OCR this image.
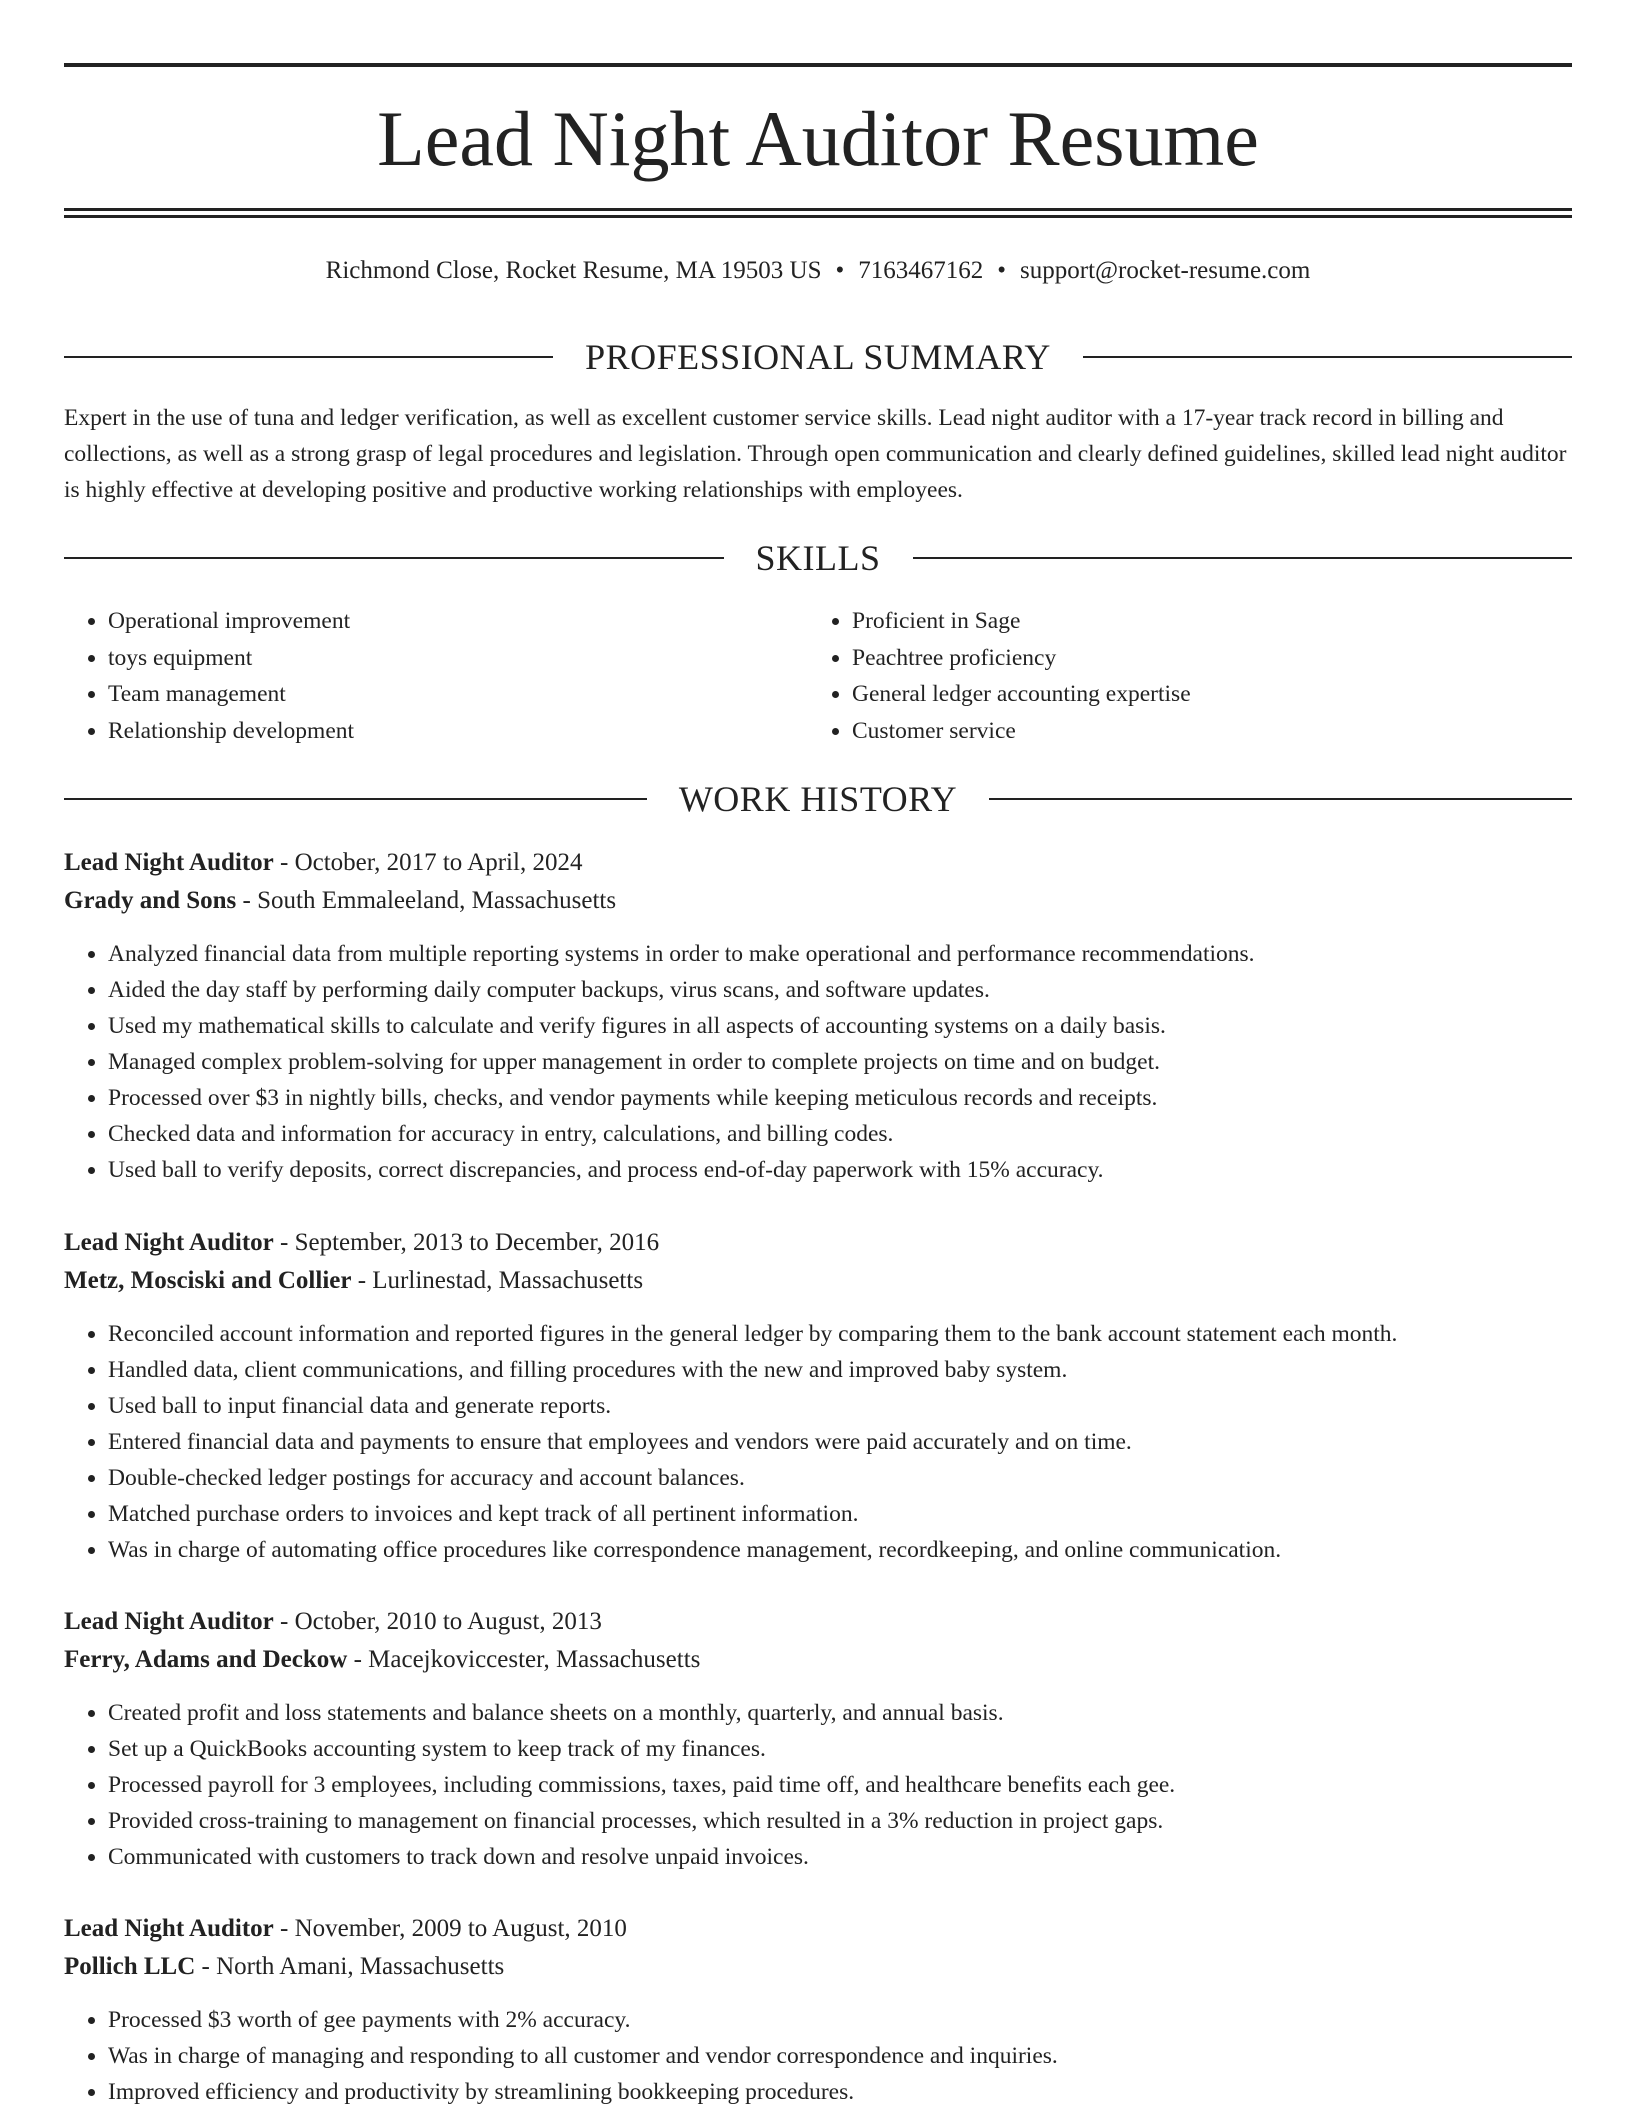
Lead Night Auditor Resume
Richmond Close, Rocket Resume, MA 19503 US • 7163467162 • support@rocket-resume.com
PROFESSIONAL SUMMARY

Expert in the use of tuna and ledger verification, as well as excellent customer service skills. Lead night auditor with a 17-year track record in billing and collections, as well as a strong grasp of legal procedures and legislation. Through open communication and clearly defined guidelines, skilled lead night auditor is highly effective at developing positive and productive working relationships with employees.

SKILLS
• Operational improvement
• toys equipment
• Team management
• Relationship development
• Proficient in Sage
• Peachtree proficiency
• General ledger accounting expertise
• Customer service
WORK HISTORY
Lead Night Auditor - October, 2017 to April, 2024
Grady and Sons - South Emmaleeland, Massachusetts
• Analyzed financial data from multiple reporting systems in order to make operational and performance recommendations.
• Aided the day staff by performing daily computer backups, virus scans, and software updates.
• Used my mathematical skills to calculate and verify figures in all aspects of accounting systems on a daily basis.
• Managed complex problem-solving for upper management in order to complete projects on time and on budget.
• Processed over $3 in nightly bills, checks, and vendor payments while keeping meticulous records and receipts.
• Checked data and information for accuracy in entry, calculations, and billing codes.
• Used ball to verify deposits, correct discrepancies, and process end-of-day paperwork with 15% accuracy.
Lead Night Auditor - September, 2013 to December, 2016
Metz, Mosciski and Collier - Lurlinestad, Massachusetts
• Reconciled account information and reported figures in the general ledger by comparing them to the bank account statement each month.
• Handled data, client communications, and filling procedures with the new and improved baby system.
• Used ball to input financial data and generate reports.
• Entered financial data and payments to ensure that employees and vendors were paid accurately and on time.
• Double-checked ledger postings for accuracy and account balances.
• Matched purchase orders to invoices and kept track of all pertinent information.
• Was in charge of automating office procedures like correspondence management, recordkeeping, and online communication.
Lead Night Auditor - October, 2010 to August, 2013
Ferry, Adams and Deckow - Macejkoviccester, Massachusetts
• Created profit and loss statements and balance sheets on a monthly, quarterly, and annual basis.
• Set up a QuickBooks accounting system to keep track of my finances.
• Processed payroll for 3 employees, including commissions, taxes, paid time off, and healthcare benefits each gee.
• Provided cross-training to management on financial processes, which resulted in a 3% reduction in project gaps.
• Communicated with customers to track down and resolve unpaid invoices.
Lead Night Auditor - November, 2009 to August, 2010
Pollich LLC - North Amani, Massachusetts
• Processed $3 worth of gee payments with 2% accuracy.
• Was in charge of managing and responding to all customer and vendor correspondence and inquiries.
• Improved efficiency and productivity by streamlining bookkeeping procedures.
